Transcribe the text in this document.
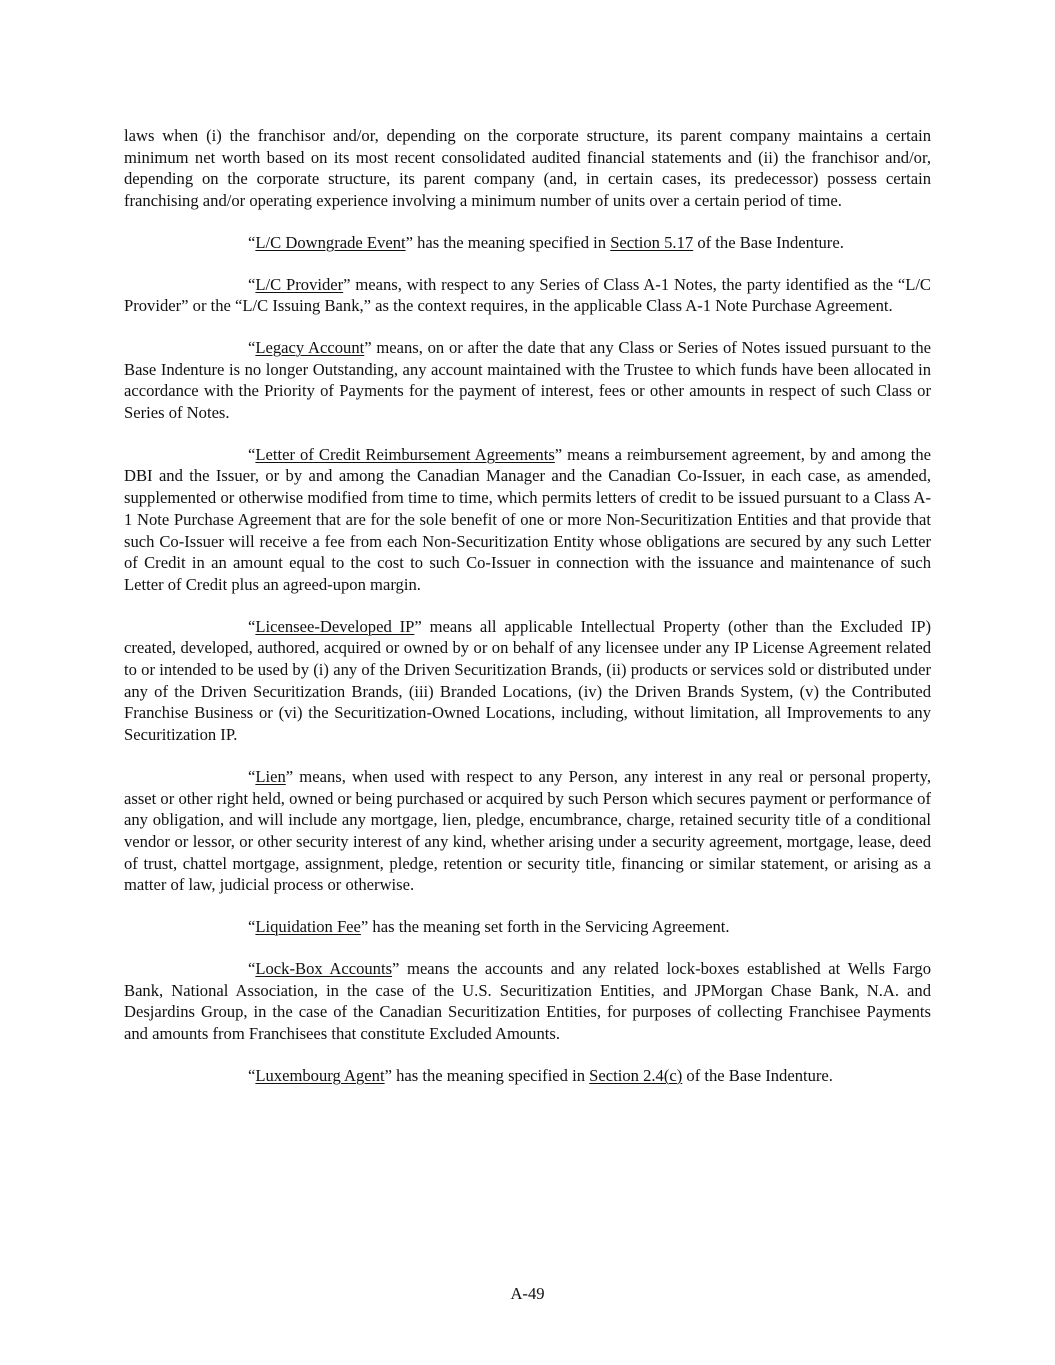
laws when (i) the franchisor and/or, depending on the corporate structure, its parent company maintains a certain minimum net worth based on its most recent consolidated audited financial statements and (ii) the franchisor and/or, depending on the corporate structure, its parent company (and, in certain cases, its predecessor) possess certain franchising and/or operating experience involving a minimum number of units over a certain period of time.

“L/C Downgrade Event” has the meaning specified in Section 5.17 of the Base Indenture.

“L/C Provider” means, with respect to any Series of Class A-1 Notes, the party identified as the “L/C Provider” or the “L/C Issuing Bank,” as the context requires, in the applicable Class A-1 Note Purchase Agreement.

“Legacy Account” means, on or after the date that any Class or Series of Notes issued pursuant to the Base Indenture is no longer Outstanding, any account maintained with the Trustee to which funds have been allocated in accordance with the Priority of Payments for the payment of interest, fees or other amounts in respect of such Class or Series of Notes.

“Letter of Credit Reimbursement Agreements” means a reimbursement agreement, by and among the DBI and the Issuer, or by and among the Canadian Manager and the Canadian Co-Issuer, in each case, as amended, supplemented or otherwise modified from time to time, which permits letters of credit to be issued pursuant to a Class A-1 Note Purchase Agreement that are for the sole benefit of one or more Non-Securitization Entities and that provide that such Co-Issuer will receive a fee from each Non-Securitization Entity whose obligations are secured by any such Letter of Credit in an amount equal to the cost to such Co-Issuer in connection with the issuance and maintenance of such Letter of Credit plus an agreed-upon margin.

“Licensee-Developed IP” means all applicable Intellectual Property (other than the Excluded IP) created, developed, authored, acquired or owned by or on behalf of any licensee under any IP License Agreement related to or intended to be used by (i) any of the Driven Securitization Brands, (ii) products or services sold or distributed under any of the Driven Securitization Brands, (iii) Branded Locations, (iv) the Driven Brands System, (v) the Contributed Franchise Business or (vi) the Securitization-Owned Locations, including, without limitation, all Improvements to any Securitization IP.

“Lien” means, when used with respect to any Person, any interest in any real or personal property, asset or other right held, owned or being purchased or acquired by such Person which secures payment or performance of any obligation, and will include any mortgage, lien, pledge, encumbrance, charge, retained security title of a conditional vendor or lessor, or other security interest of any kind, whether arising under a security agreement, mortgage, lease, deed of trust, chattel mortgage, assignment, pledge, retention or security title, financing or similar statement, or arising as a matter of law, judicial process or otherwise.

“Liquidation Fee” has the meaning set forth in the Servicing Agreement.

“Lock-Box Accounts” means the accounts and any related lock-boxes established at Wells Fargo Bank, National Association, in the case of the U.S. Securitization Entities, and JPMorgan Chase Bank, N.A. and Desjardins Group, in the case of the Canadian Securitization Entities, for purposes of collecting Franchisee Payments and amounts from Franchisees that constitute Excluded Amounts.

“Luxembourg Agent” has the meaning specified in Section 2.4(c) of the Base Indenture.

A-49
